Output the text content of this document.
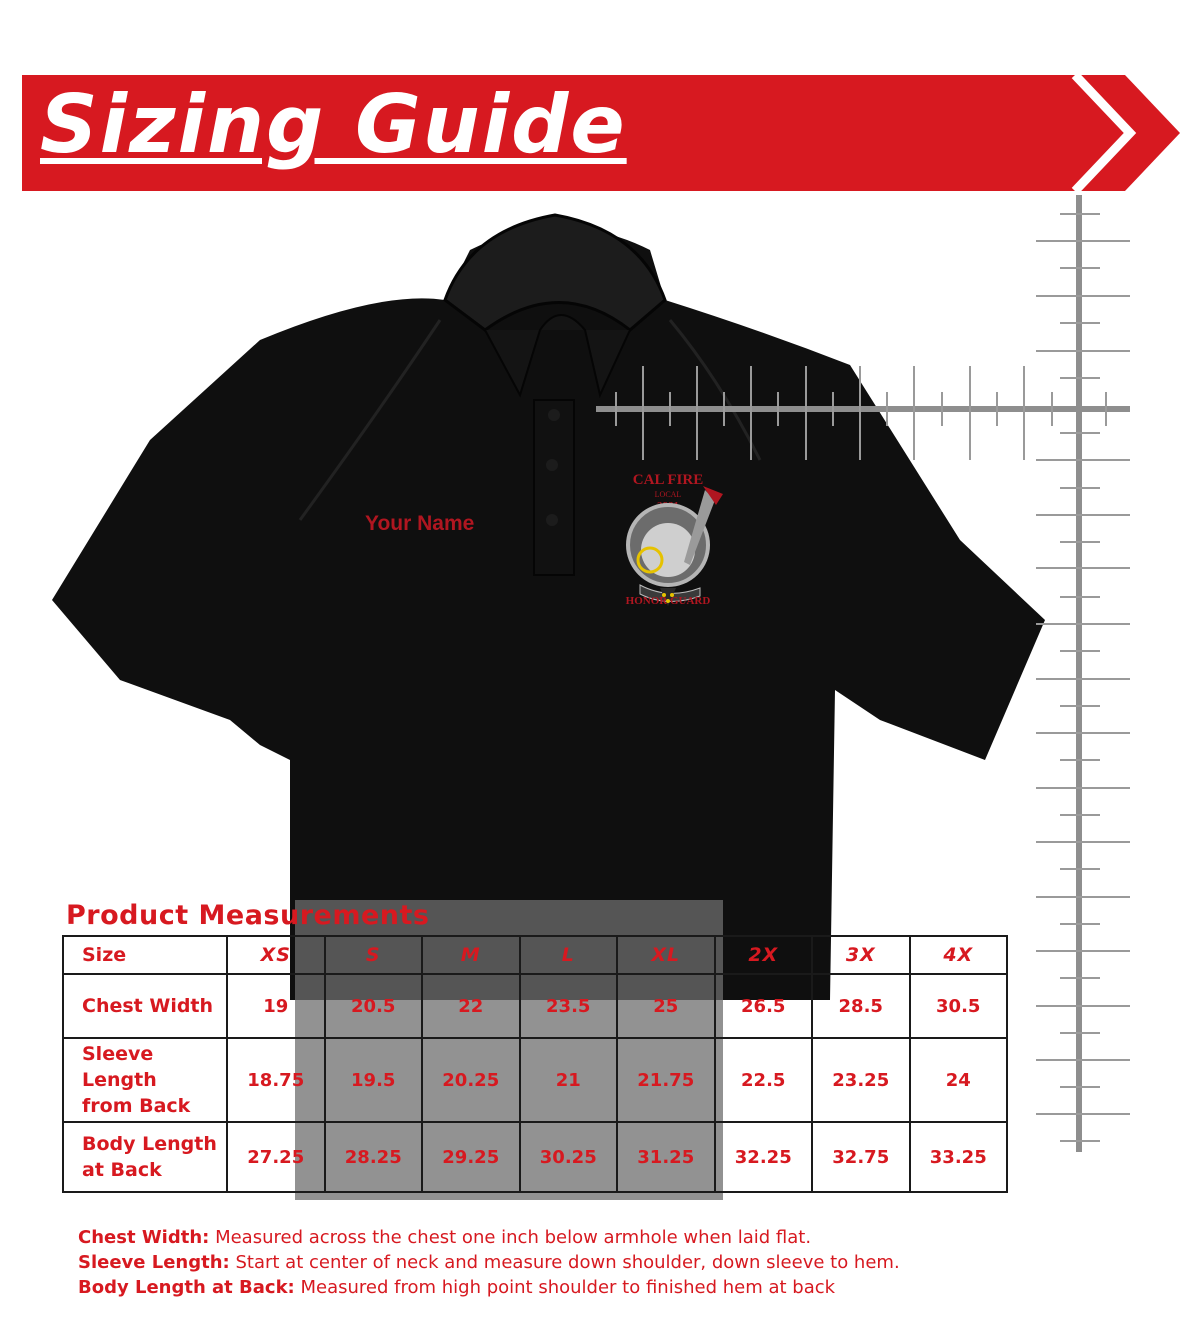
Sizing Guide
Your Name
CAL FIRE
LOCAL
HONOR GUARD
Product Measurements
Size	XS	S	M	L	XL	2X	3X	4X
Chest Width	19	20.5	22	23.5	25	26.5	28.5	30.5
Sleeve Length
from Back	18.75	19.5	20.25	21	21.75	22.5	23.25	24
Body Length
at Back	27.25	28.25	29.25	30.25	31.25	32.25	32.75	33.25
Chest Width: Measured across the chest one inch below armhole when laid flat.
Sleeve Length: Start at center of neck and measure down shoulder, down sleeve to hem.
Body Length at Back: Measured from high point shoulder to finished hem at back
